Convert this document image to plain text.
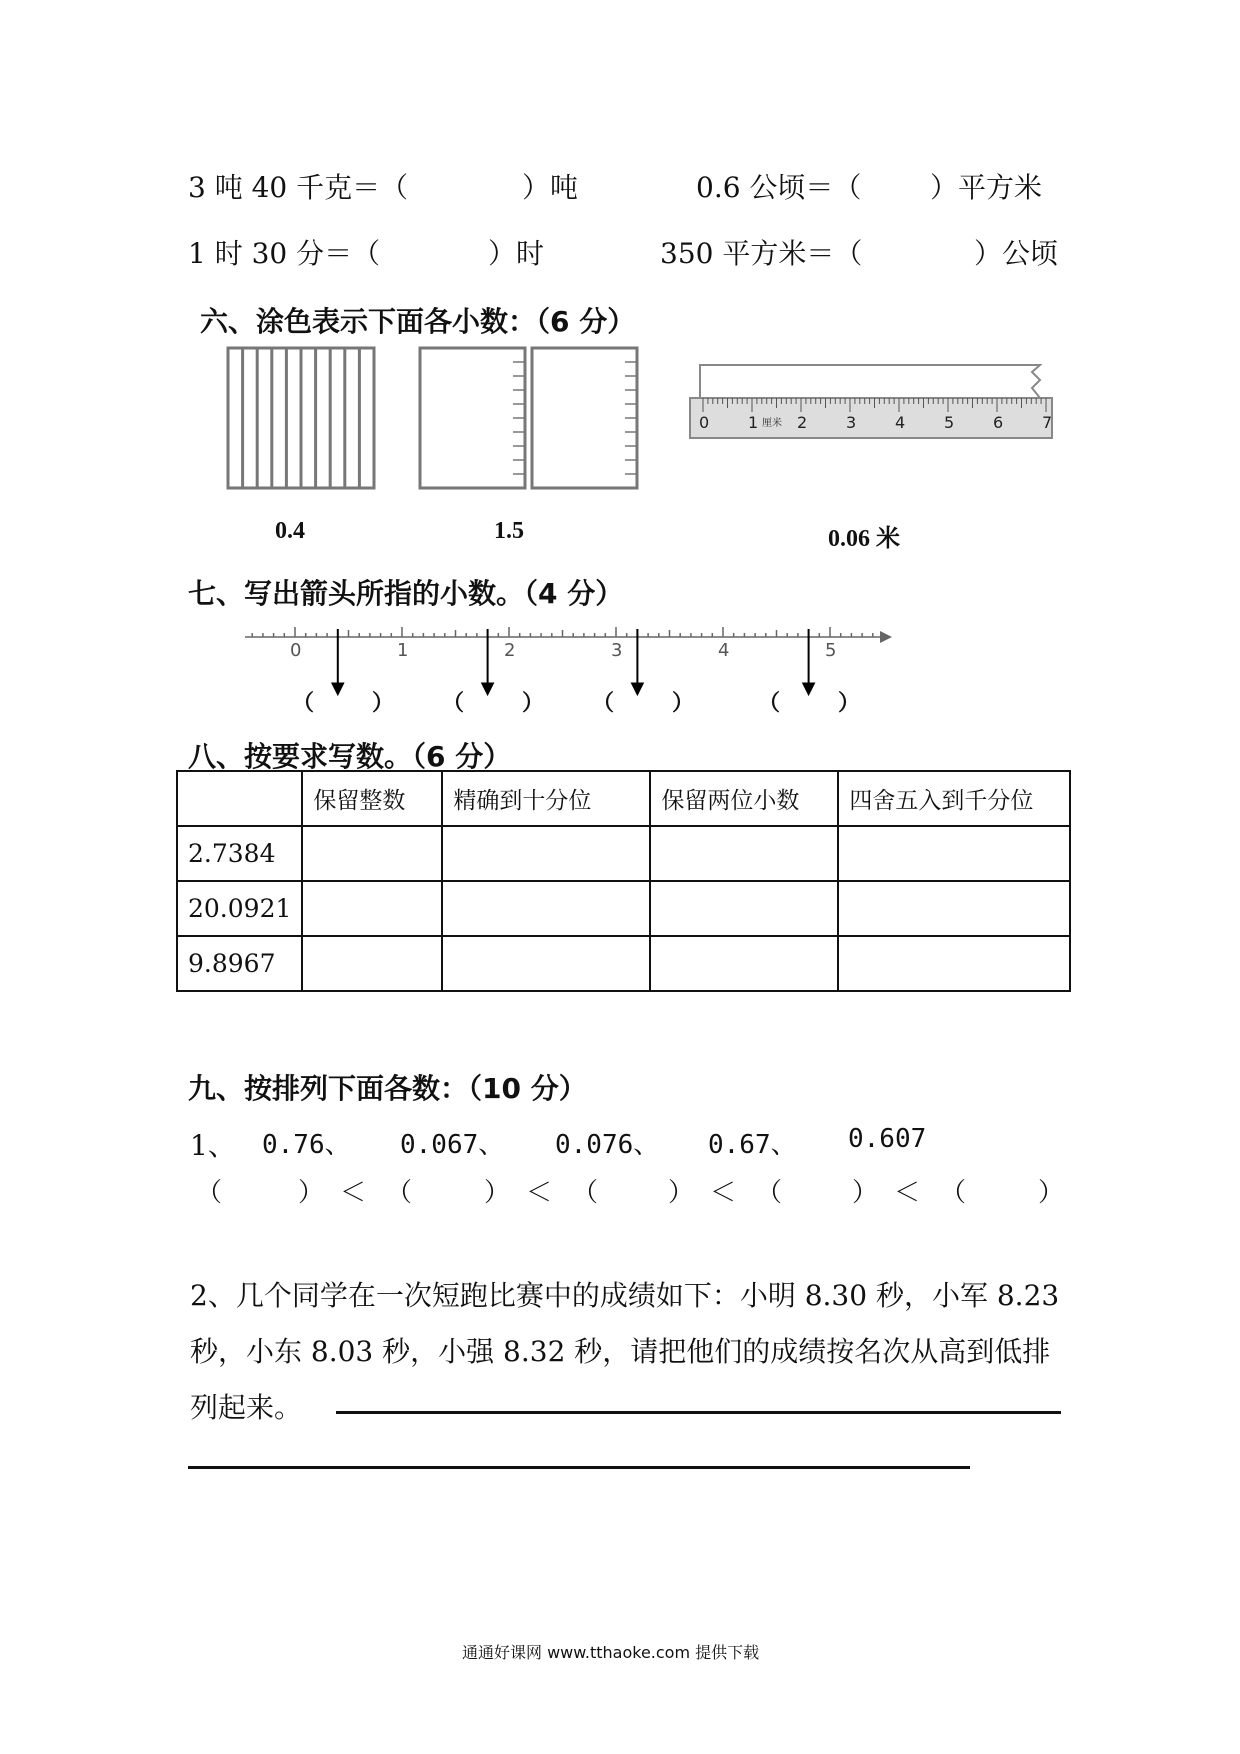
3 吨 40 千克＝（	）吨	0.6 公顷＝（ ）平方米
1 时 30 分＝（	）时	350 平方米＝（	）公顷
六、涂色表示下面各小数：（6 分）
0 1 2 3 4 5 6 7
厘米
0.4	1.5	0.06 米
七、写出箭头所指的小数。（4 分）
0	1	2	3	4	5
（	） （	） （	）	（	）
八、按要求写数。（6 分）
	保留整数	精确到十分位	保留两位小数	四舍五入到千分位
2.7384				
20.0921				
9.8967				
九、按排列下面各数：（10 分）
1、 0.76、 0.067、 0.076、 0.67、 0.607
（	） ＜ （	） ＜ （	） ＜ （	） ＜ （	）
2、几个同学在一次短跑比赛中的成绩如下：小明 8.30 秒，小军 8.23
秒，小东 8.03 秒，小强 8.32 秒，请把他们的成绩按名次从高到低排
列起来。
通通好课网 www.tthaoke.com 提供下载
